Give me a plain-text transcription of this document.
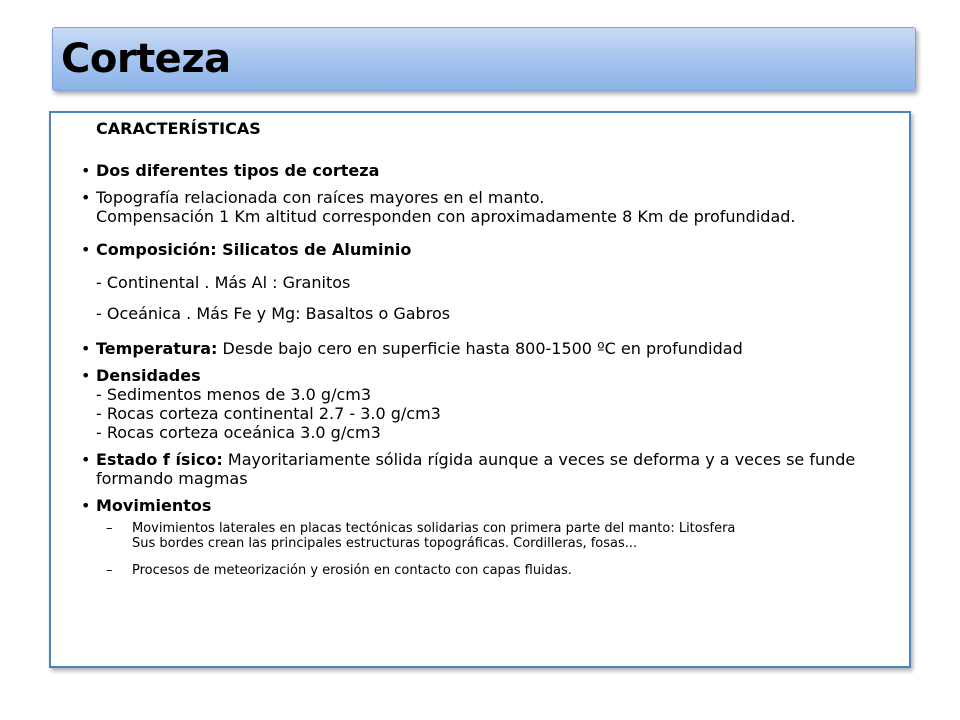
Corteza
CARACTERÍSTICAS
• Dos diferentes tipos de corteza
• Topografía relacionada con raíces mayores en el manto.
Compensación 1 Km altitud corresponden con aproximadamente 8 Km de profundidad.
• Composición: Silicatos de Aluminio
- Continental . Más Al : Granitos
- Oceánica . Más Fe y Mg: Basaltos o Gabros
• Temperatura: Desde bajo cero en superficie hasta 800-1500 ºC en profundidad
• Densidades
- Sedimentos menos de 3.0 g/cm3
- Rocas corteza continental 2.7 - 3.0 g/cm3
- Rocas corteza oceánica 3.0 g/cm3
• Estado f ísico: Mayoritariamente sólida rígida aunque a veces se deforma y a veces se funde formando magmas
• Movimientos
– Movimientos laterales en placas tectónicas solidarias con primera parte del manto: Litosfera
Sus bordes crean las principales estructuras topográficas. Cordilleras, fosas...
– Procesos de meteorización y erosión en contacto con capas fluidas.
